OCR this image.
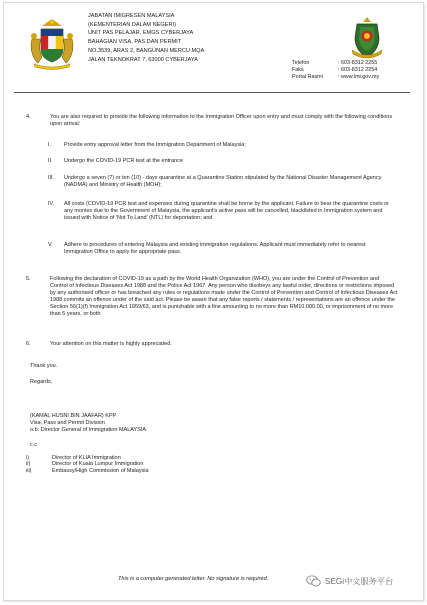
JABATAN IMIGRESEN MALAYSIA
(KEMENTERIAN DALAM NEGERI)
UNIT PAS PELAJAR, EMGS CYBERJAYA
BAHAGIAN VISA, PAS DAN PERMIT
NO.3539, ARAS 2, BANGUNAN MERCU MQA
JALAN TEKNOKRAT 7, 63000 CYBERJAYA
Telefon	: 603-8312 2255
Faks	: 603-8312 2254
Portal Rasmi	: www.imi.gov.my
4.	You are also required to provide the following information to the Immigration Officer upon entry and must comply with the following conditions upon arrival:
I. Provide entry approval letter from the Immigration Department of Malaysia;
II. Undergo the COVID-19 PCR test at the entrance
III. Undergo a seven (7) or ten (10) - days quarantine at a Quarantine Station stipulated by the National Disaster Management Agency (NADMA) and Ministry of Health (MOH);
IV. All costs (COVID-19 PCR test and expenses during quarantine shall be borne by the applicant. Failure to bear the quarantine costs or any monies due to the Government of Malaysia, the applicant's active pass will be cancelled, blacklisted in Immigration system and issued with Notice of 'Not To Land' (NTL) for deportation; and
V. Adhere to procedures of entering Malaysia and existing immigration regulations. Applicant must immediately refer to nearest Immigration Office to apply for appropriate pass.
5.	Following the declaration of COVID-19 as a path by the World Health Organization (WHO), you are under the Control of Prevention and Control of Infectious Diseases Act 1988 and the Police Act 1967. Any person who disobeys any lawful order, directions or restrictions imposed by any authorised officer or has breached any rules or regulations made under the Control of Prevention and Control of Infectious Diseases Act 1988 commits an offence under of the said act. Please be aware that any false reports / statements / representations are an offence under the Section 56(1)(f) Immigration Act 1959/63, and is punishable with a fine amounting to no more than RM10,000.00, or imprisonment of no more than 5 years, or both
6.	Your attention on this matter is highly appreciated.
Thank you.
Regards,
(KAMAL HUSNI BIN JAAFAR) KPP
Visa, Pass and Permit Division
o.b: Director General of Immigration MALAYSIA
c.c
i)	Director of KLIA Immigration
ii)	Director of Kuala Lumpur Immigration
iii)	Embassy/High Commission of Malaysia
This is a computer generated letter. No signature is required.	SEGi中文服务平台
